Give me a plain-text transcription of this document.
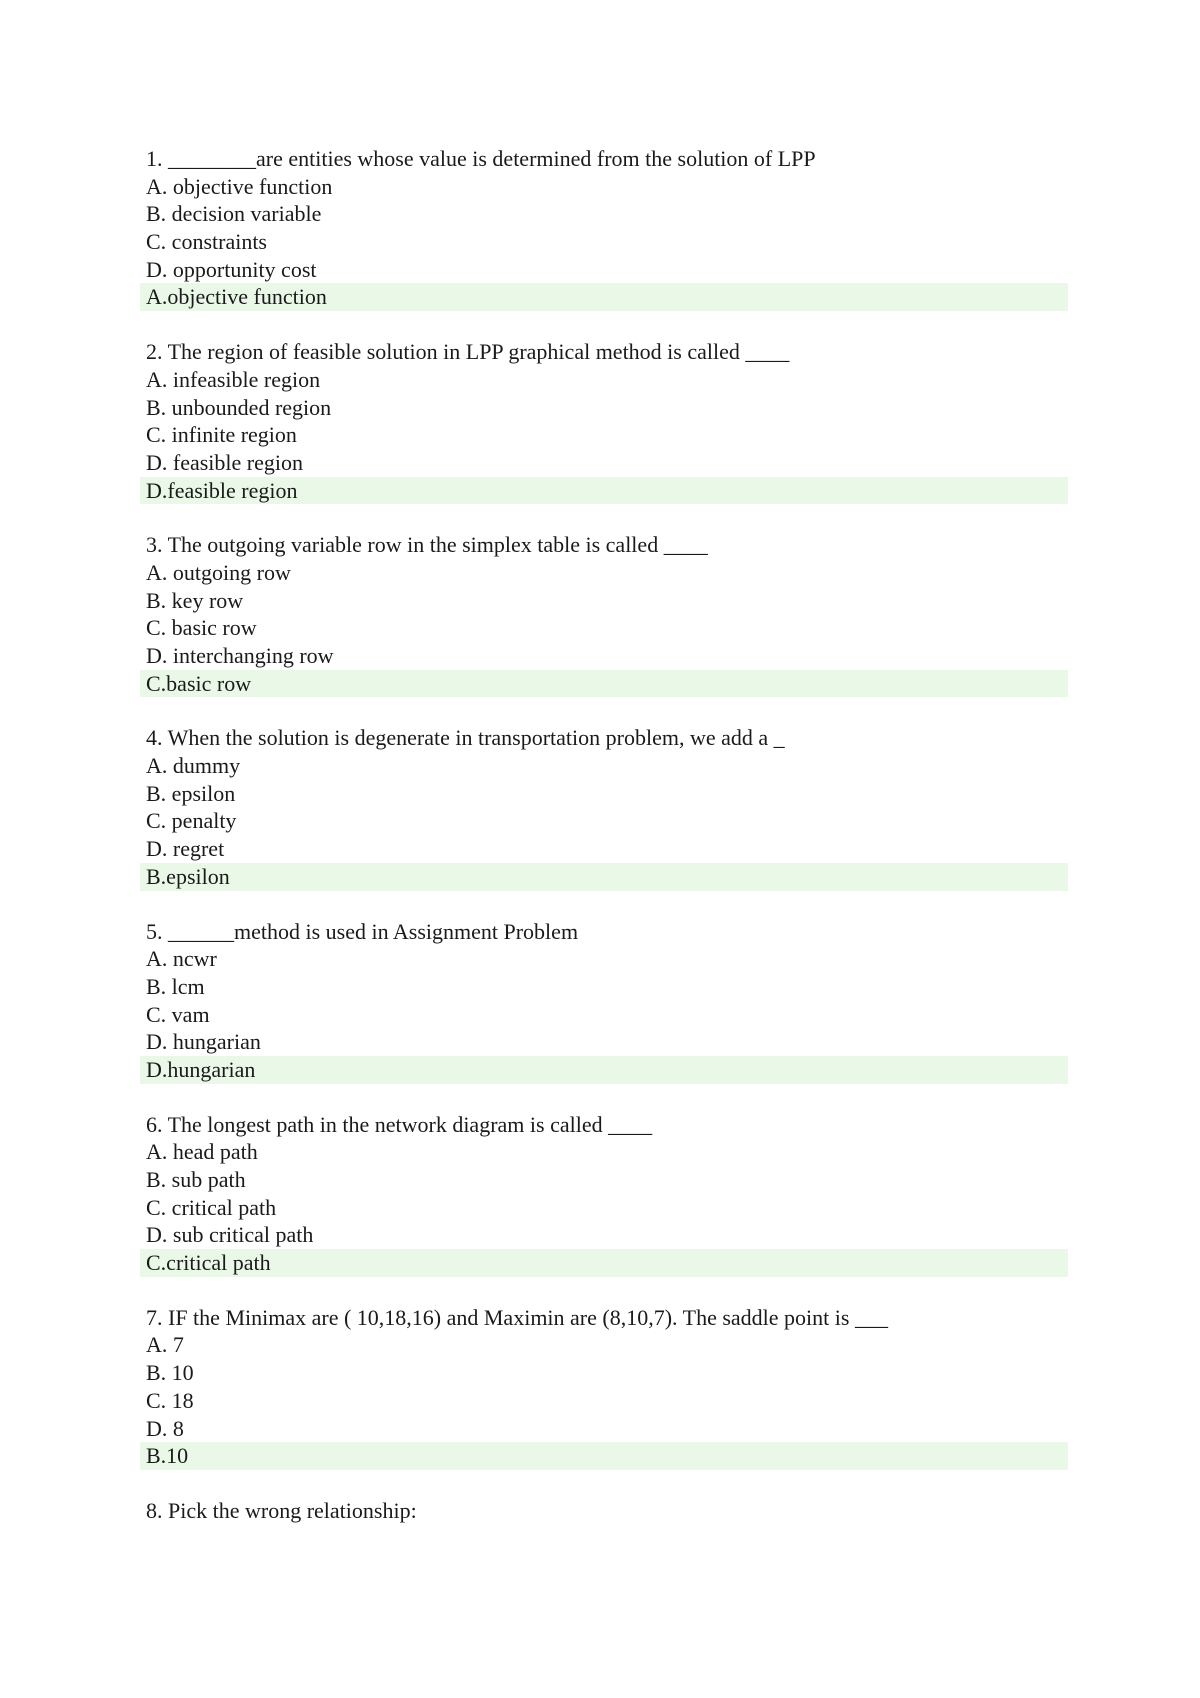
1. ________are entities whose value is determined from the solution of LPP
A. objective function
B. decision variable
C. constraints
D. opportunity cost
A.objective function
2. The region of feasible solution in LPP graphical method is called ____
A. infeasible region
B. unbounded region
C. infinite region
D. feasible region
D.feasible region
3. The outgoing variable row in the simplex table is called ____
A. outgoing row
B. key row
C. basic row
D. interchanging row
C.basic row
4. When the solution is degenerate in transportation problem, we add a _
A. dummy
B. epsilon
C. penalty
D. regret
B.epsilon
5. ______method is used in Assignment Problem
A. ncwr
B. lcm
C. vam
D. hungarian
D.hungarian
6. The longest path in the network diagram is called ____
A. head path
B. sub path
C. critical path
D. sub critical path
C.critical path
7. IF the Minimax are ( 10,18,16) and Maximin are (8,10,7). The saddle point is ___
A. 7
B. 10
C. 18
D. 8
B.10
8. Pick the wrong relationship:
